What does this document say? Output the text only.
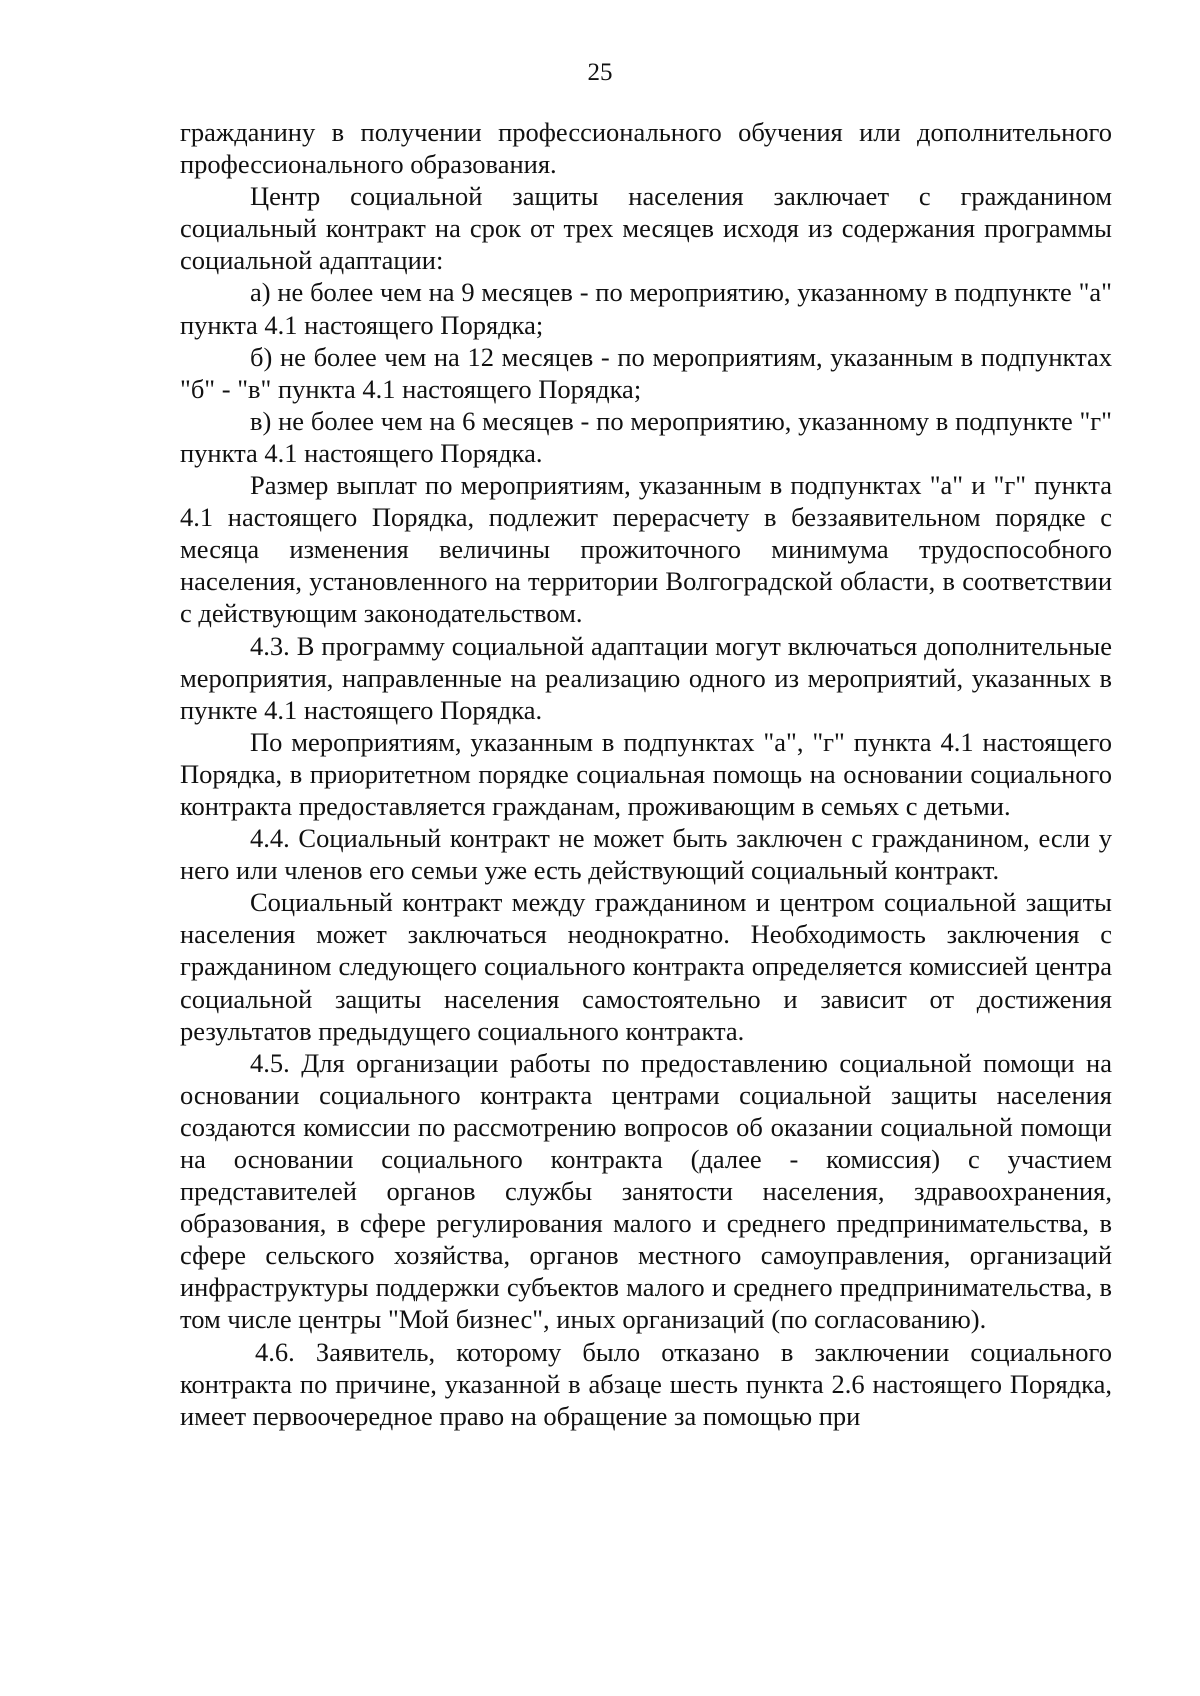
25

гражданину в получении профессионального обучения или дополнительного профессионального образования.

Центр социальной защиты населения заключает с гражданином социальный контракт на срок от трех месяцев исходя из содержания программы социальной адаптации:

а) не более чем на 9 месяцев - по мероприятию, указанному в подпункте "а" пункта 4.1 настоящего Порядка;

б) не более чем на 12 месяцев - по мероприятиям, указанным в подпунктах "б" - "в" пункта 4.1 настоящего Порядка;

в) не более чем на 6 месяцев - по мероприятию, указанному в подпункте "г" пункта 4.1 настоящего Порядка.

Размер выплат по мероприятиям, указанным в подпунктах "а" и "г" пункта 4.1 настоящего Порядка, подлежит перерасчету в беззаявительном порядке с месяца изменения величины прожиточного минимума трудоспособного населения, установленного на территории Волгоградской области, в соответствии с действующим законодательством.

4.3. В программу социальной адаптации могут включаться дополнительные мероприятия, направленные на реализацию одного из мероприятий, указанных в пункте 4.1 настоящего Порядка.

По мероприятиям, указанным в подпунктах "а", "г" пункта 4.1 настоящего Порядка, в приоритетном порядке социальная помощь на основании социального контракта предоставляется гражданам, проживающим в семьях с детьми.

4.4. Социальный контракт не может быть заключен с гражданином, если у него или членов его семьи уже есть действующий социальный контракт.

Социальный контракт между гражданином и центром социальной защиты населения может заключаться неоднократно. Необходимость заключения с гражданином следующего социального контракта определяется комиссией центра социальной защиты населения самостоятельно и зависит от достижения результатов предыдущего социального контракта.

4.5. Для организации работы по предоставлению социальной помощи на основании социального контракта центрами социальной защиты населения создаются комиссии по рассмотрению вопросов об оказании социальной помощи на основании социального контракта (далее - комиссия) с участием представителей органов службы занятости населения, здравоохранения, образования, в сфере регулирования малого и среднего предпринимательства, в сфере сельского хозяйства, органов местного самоуправления, организаций инфраструктуры поддержки субъектов малого и среднего предпринимательства, в том числе центры "Мой бизнес", иных организаций (по согласованию).

4.6. Заявитель, которому было отказано в заключении социального контракта по причине, указанной в абзаце шесть пункта 2.6 настоящего Порядка, имеет первоочередное право на обращение за помощью при
